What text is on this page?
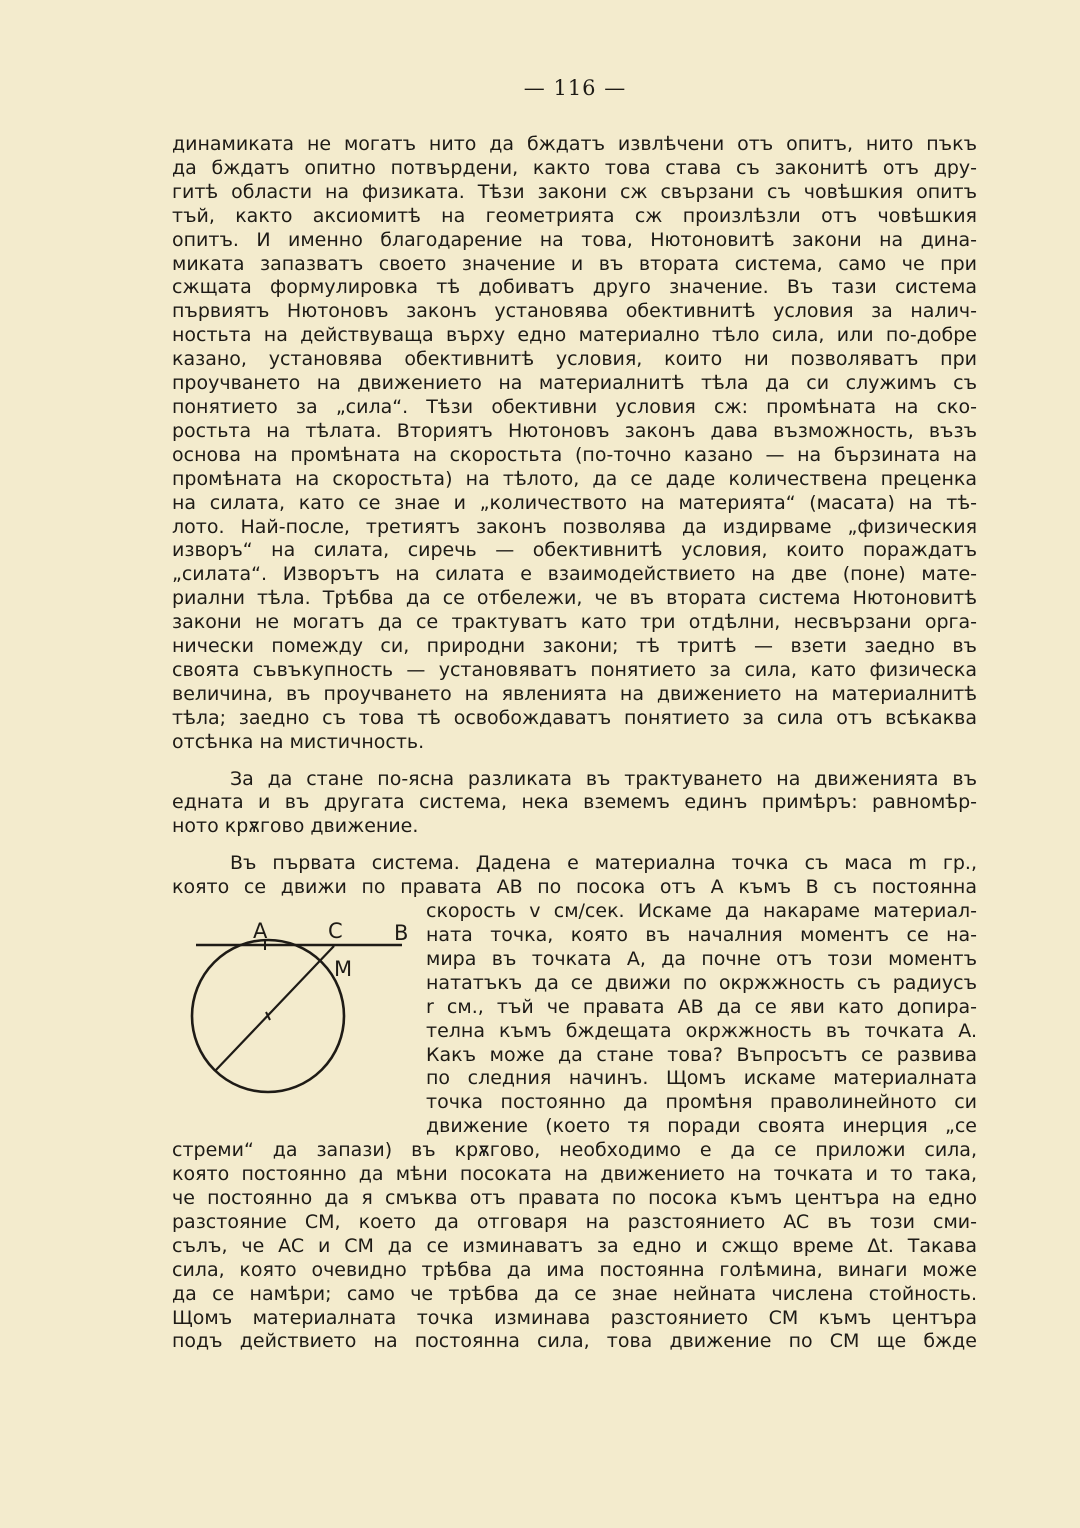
— 116 —
динамиката не могатъ нито да бждатъ извлѣчени отъ опитъ, нито пъкъ
да бждатъ опитно потвърдени, както това става съ законитѣ отъ дру-
гитѣ области на физиката. Тѣзи закони сж свързани съ човѣшкия опитъ
тъй, както аксиомитѣ на геометрията сж произлѣзли отъ човѣшкия
опитъ. И именно благодарение на това, Нютоновитѣ закони на дина-
миката запазватъ своето значение и въ втората система, само че при
сжщата формулировка тѣ добиватъ друго значение. Въ тази система
първиятъ Нютоновъ законъ установява обективнитѣ условия за налич-
ностьта на действуваща върху едно материално тѣло сила, или по-добре
казано, установява обективнитѣ условия, които ни позволяватъ при
проучването на движението на материалнитѣ тѣла да си служимъ съ
понятието за „сила“. Тѣзи обективни условия сж: промѣната на ско-
ростьта на тѣлата. Вториятъ Нютоновъ законъ дава възможность, възъ
основа на промѣната на скоростьта (по-точно казано — на бързината на
промѣната на скоростьта) на тѣлото, да се даде количествена преценка
на силата, като се знае и „количеството на материята“ (масата) на тѣ-
лото. Най-после, третиятъ законъ позволява да издирваме „физическия
изворъ“ на силата, сиречь — обективнитѣ условия, които пораждатъ
„силата“. Изворътъ на силата е взаимодействието на две (поне) мате-
риални тѣла. Трѣбва да се отбележи, че въ втората система Нютоновитѣ
закони не могатъ да се трактуватъ като три отдѣлни, несвързани орга-
нически помежду си, природни закони; тѣ тритѣ — взети заедно въ
своята съвъкупность — установяватъ понятието за сила, като физическа
величина, въ проучването на явленията на движението на материалнитѣ
тѣла; заедно съ това тѣ освобождаватъ понятието за сила отъ всѣкаква
отсѣнка на мистичность.
За да стане по-ясна разликата въ трактуването на движенията въ
едната и въ другата система, нека вземемъ единъ примѣръ: равномѣр-
ното крѫгово движение.
Въ първата система. Дадена е материална точка съ маса m гр.,
която се движи по правата AB по посока отъ A къмъ B съ постоянна
A	C B
M
скорость v см/сек. Искаме да накараме материал-
ната точка, която въ началния моментъ се на-
мира въ точката A, да почне отъ този моментъ
нататъкъ да се движи по окржжность съ радиусъ
r см., тъй че правата AB да се яви като допира-
телна къмъ бждещата окржжность въ точката A.
Какъ може да стане това? Въпросътъ се развива
по следния начинъ. Щомъ искаме материалната
точка постоянно да промѣня праволинейното си
движение (което тя поради своята инерция „се
стреми“ да запази) въ крѫгово, необходимо е да се приложи сила,
която постоянно да мѣни посоката на движението на точката и то така,
че постоянно да я смъква отъ правата по посока къмъ центъра на едно
разстояние CM, което да отговаря на разстоянието AC въ този сми-
сълъ, че AC и CM да се изминаватъ за едно и сжщо време Δt. Такава
сила, която очевидно трѣбва да има постоянна голѣмина, винаги може
да се намѣри; само че трѣбва да се знае нейната числена стойность.
Щомъ материалната точка изминава разстоянието CM къмъ центъра
подъ действието на постоянна сила, това движение по CM ще бжде
